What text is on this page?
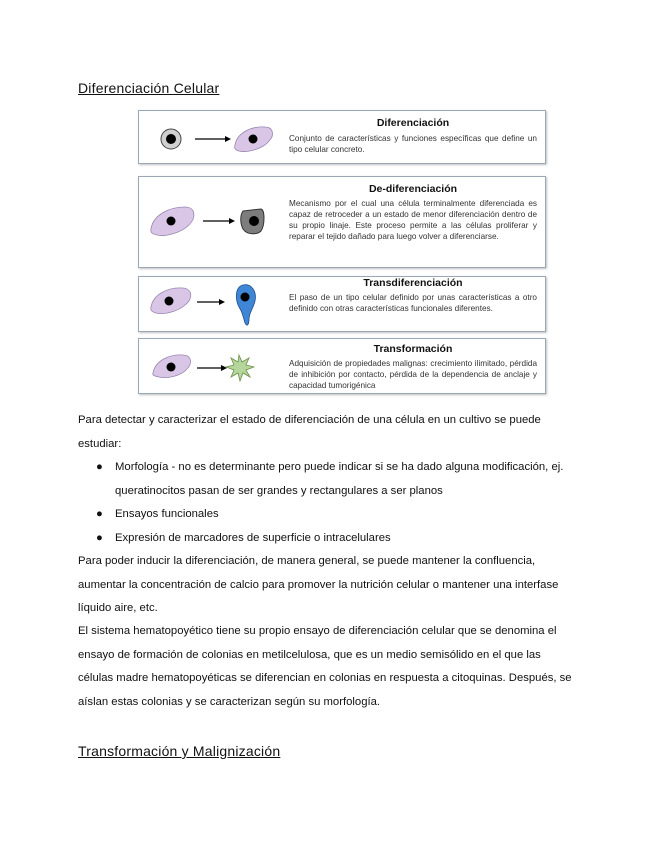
Diferenciación Celular
Diferenciación
Conjunto de características y funciones específicas que define un tipo celular concreto.
De-diferenciación
Mecanismo por el cual una célula terminalmente diferenciada es capaz de retroceder a un estado de menor diferenciación dentro de su propio linaje. Este proceso permite a las células proliferar y reparar el tejido dañado para luego volver a diferenciarse.
Transdiferenciación
El paso de un tipo celular definido por unas características a otro definido con otras características funcionales diferentes.
Transformación
Adquisición de propiedades malignas: crecimiento ilimitado, pérdida de inhibición por contacto, pérdida de la dependencia de anclaje y capacidad tumorigénica
Para detectar y caracterizar el estado de diferenciación de una célula en un cultivo se puede estudiar:
● Morfología - no es determinante pero puede indicar si se ha dado alguna modificación, ej. queratinocitos pasan de ser grandes y rectangulares a ser planos
● Ensayos funcionales
● Expresión de marcadores de superficie o intracelulares
Para poder inducir la diferenciación, de manera general, se puede mantener la confluencia, aumentar la concentración de calcio para promover la nutrición celular o mantener una interfase líquido aire, etc.
El sistema hematopoyético tiene su propio ensayo de diferenciación celular que se denomina el ensayo de formación de colonias en metilcelulosa, que es un medio semisólido en el que las células madre hematopoyéticas se diferencian en colonias en respuesta a citoquinas. Después, se aíslan estas colonias y se caracterizan según su morfología.
Transformación y Malignización
